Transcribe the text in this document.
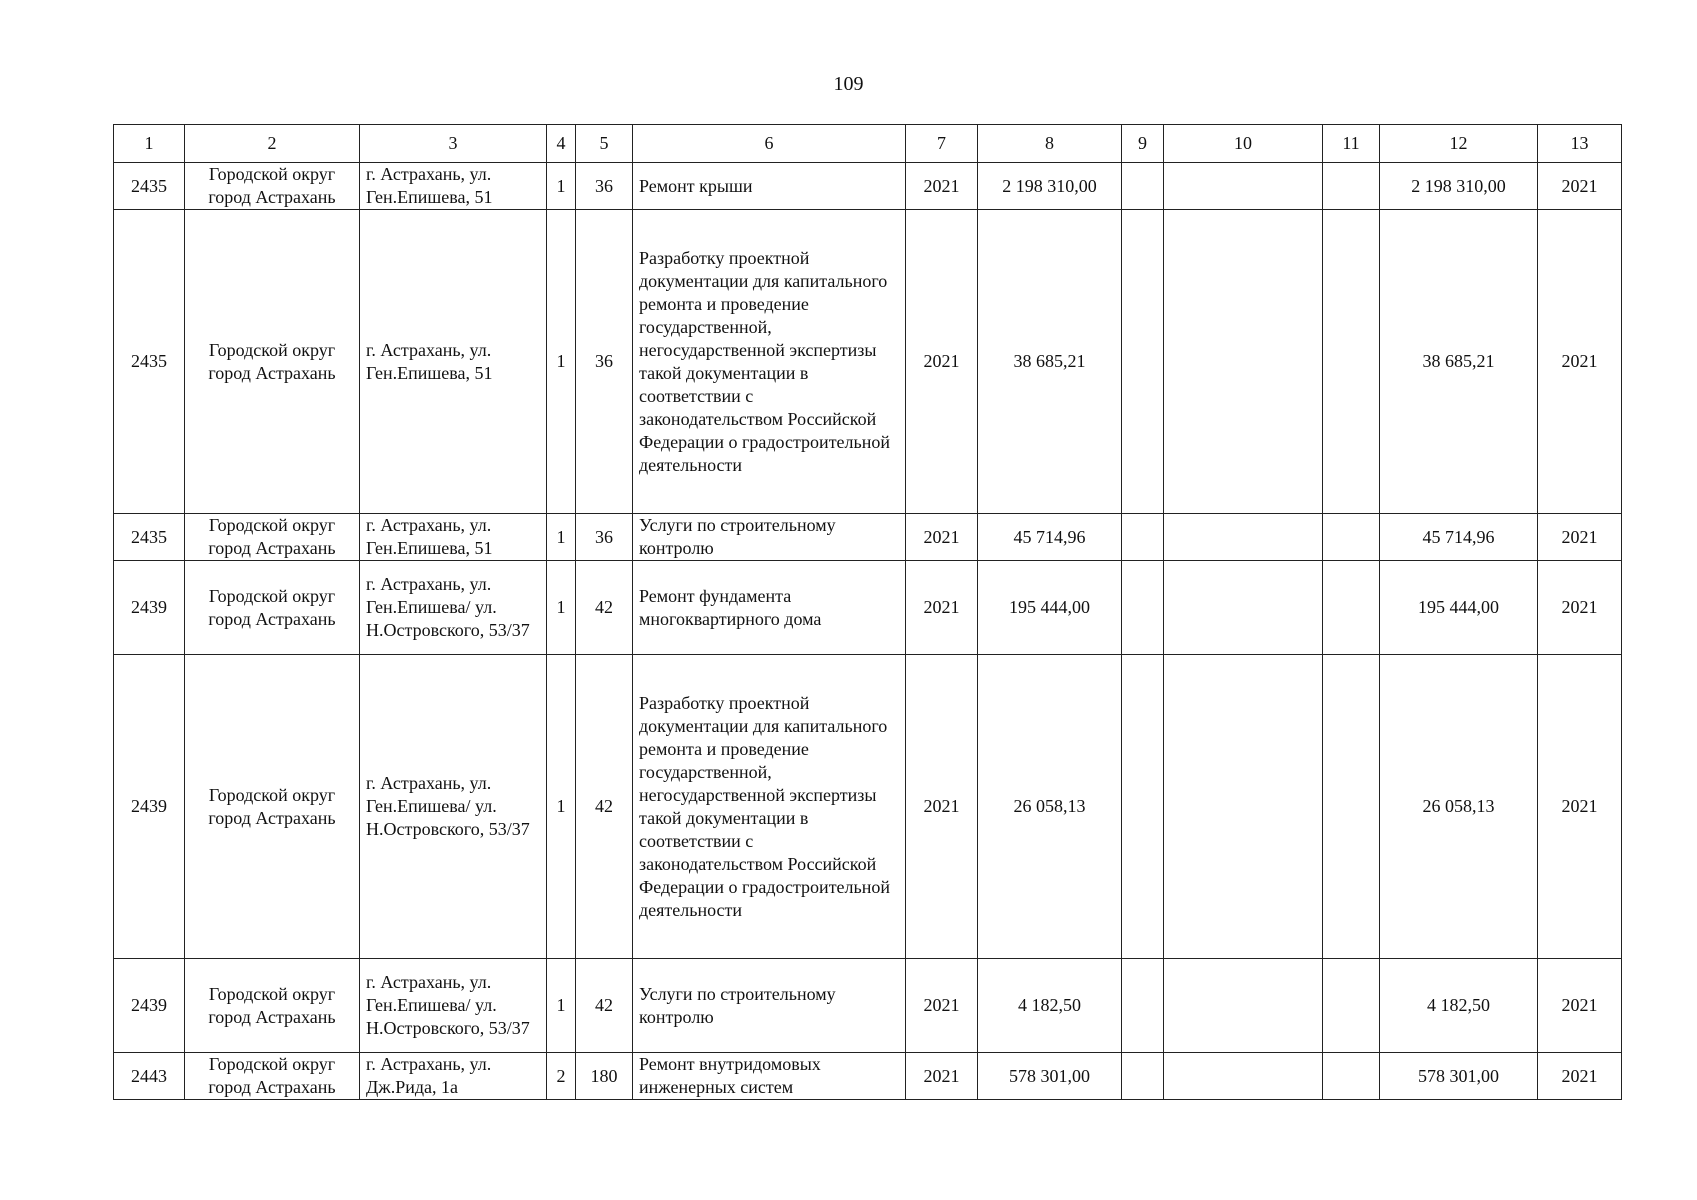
109
1	2	3	4	5	6	7	8	9	10	11	12	13
2435	Городской округ город Астрахань	г. Астрахань, ул. Ген.Епишева, 51	1	36	Ремонт крыши	2021	2 198 310,00				2 198 310,00	2021
2435	Городской округ город Астрахань	г. Астрахань, ул. Ген.Епишева, 51	1	36	Разработку проектной документации для капитального ремонта и проведение государственной, негосударственной экспертизы такой документации в соответствии с законодательством Российской Федерации о градостроительной деятельности	2021	38 685,21				38 685,21	2021
2435	Городской округ город Астрахань	г. Астрахань, ул. Ген.Епишева, 51	1	36	Услуги по строительному контролю	2021	45 714,96				45 714,96	2021
2439	Городской округ город Астрахань	г. Астрахань, ул. Ген.Епишева/ ул. Н.Островского, 53/37	1	42	Ремонт фундамента многоквартирного дома	2021	195 444,00				195 444,00	2021
2439	Городской округ город Астрахань	г. Астрахань, ул. Ген.Епишева/ ул. Н.Островского, 53/37	1	42	Разработку проектной документации для капитального ремонта и проведение государственной, негосударственной экспертизы такой документации в соответствии с законодательством Российской Федерации о градостроительной деятельности	2021	26 058,13				26 058,13	2021
2439	Городской округ город Астрахань	г. Астрахань, ул. Ген.Епишева/ ул. Н.Островского, 53/37	1	42	Услуги по строительному контролю	2021	4 182,50				4 182,50	2021
2443	Городской округ город Астрахань	г. Астрахань, ул. Дж.Рида, 1а	2	180	Ремонт внутридомовых инженерных систем	2021	578 301,00				578 301,00	2021
